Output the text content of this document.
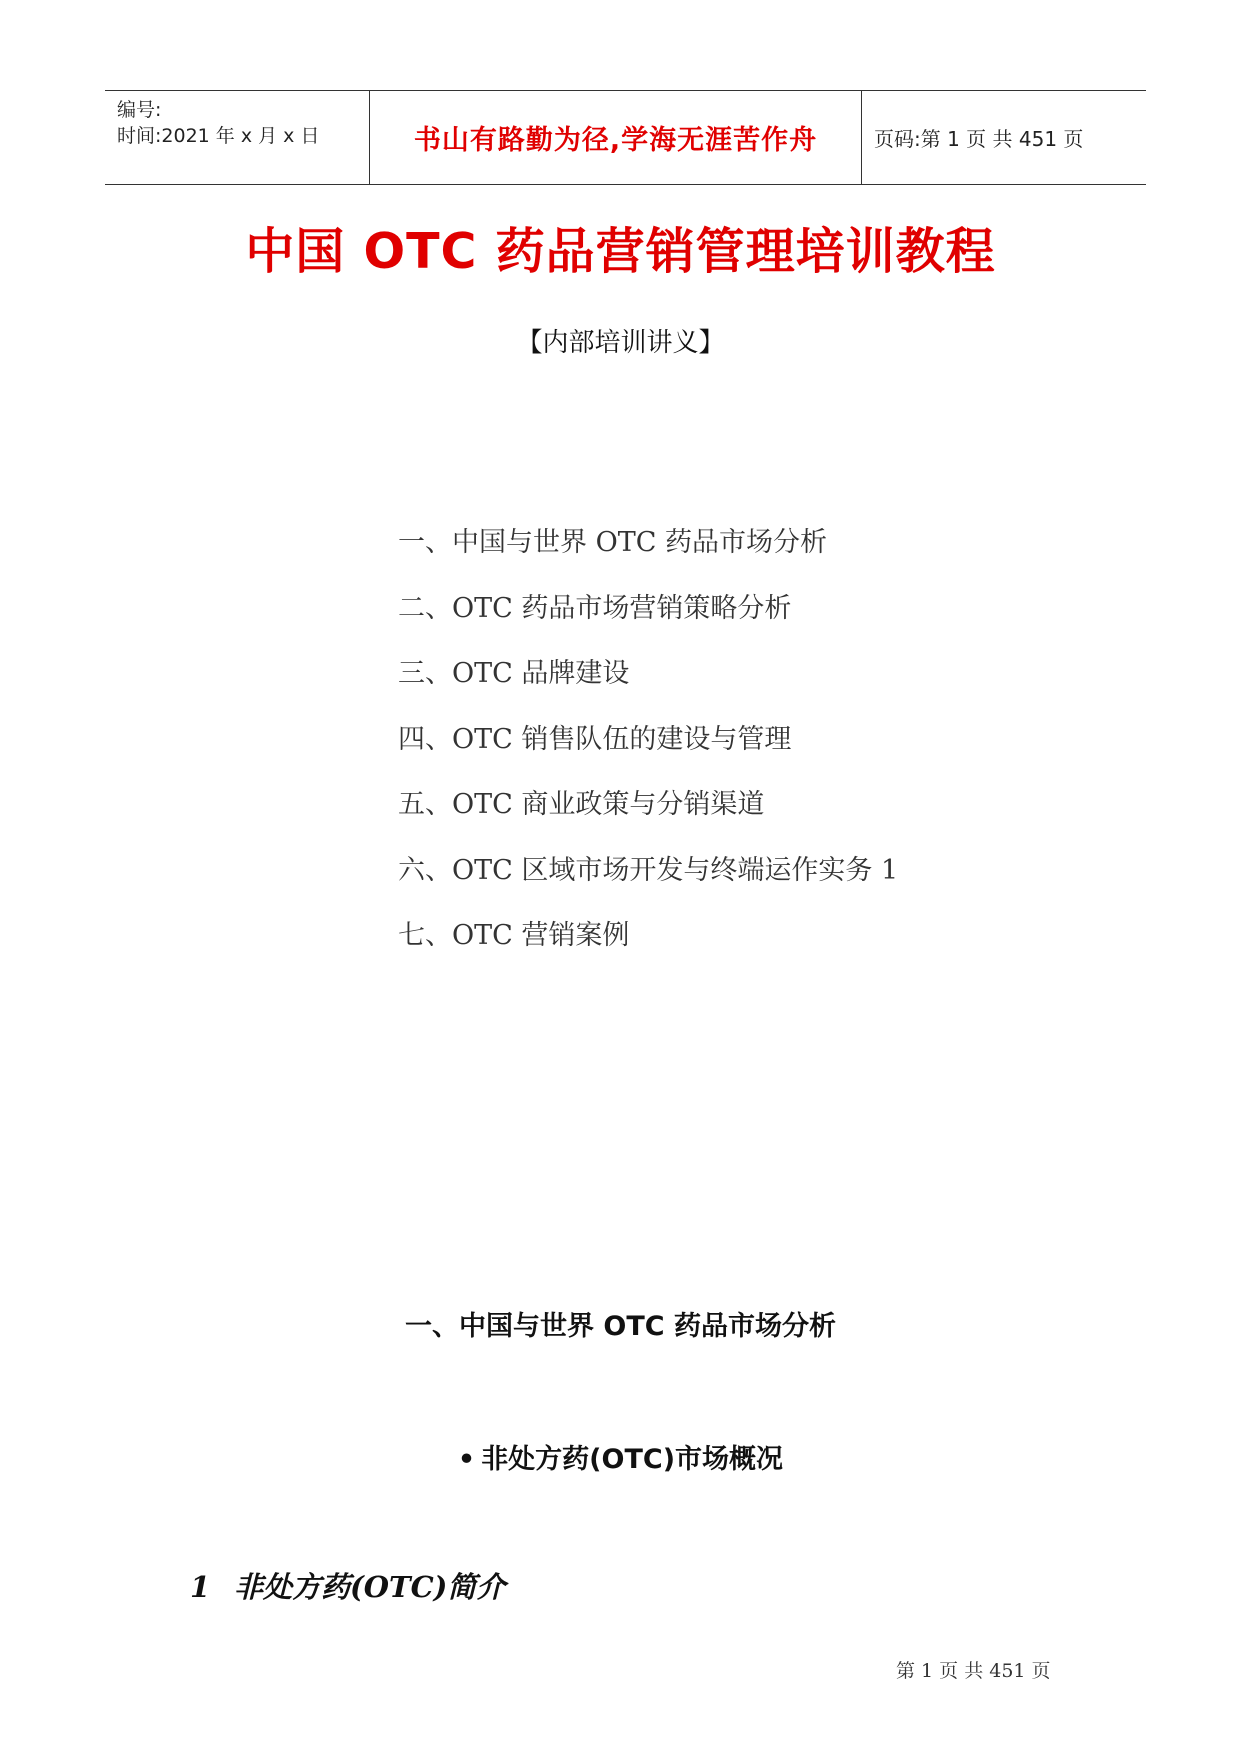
编号:
时间:2021 年 x 月 x 日	书山有路勤为径,学海无涯苦作舟	页码:第 1 页 共 451 页
中国 OTC 药品营销管理培训教程
【内部培训讲义】
一、中国与世界 OTC 药品市场分析
二、OTC 药品市场营销策略分析
三、OTC 品牌建设
四、OTC 销售队伍的建设与管理
五、OTC 商业政策与分销渠道
六、OTC 区域市场开发与终端运作实务 1
七、OTC 营销案例
一、中国与世界 OTC 药品市场分析
• 非处方药(OTC)市场概况
1 非处方药(OTC)简介
第 1 页 共 451 页
